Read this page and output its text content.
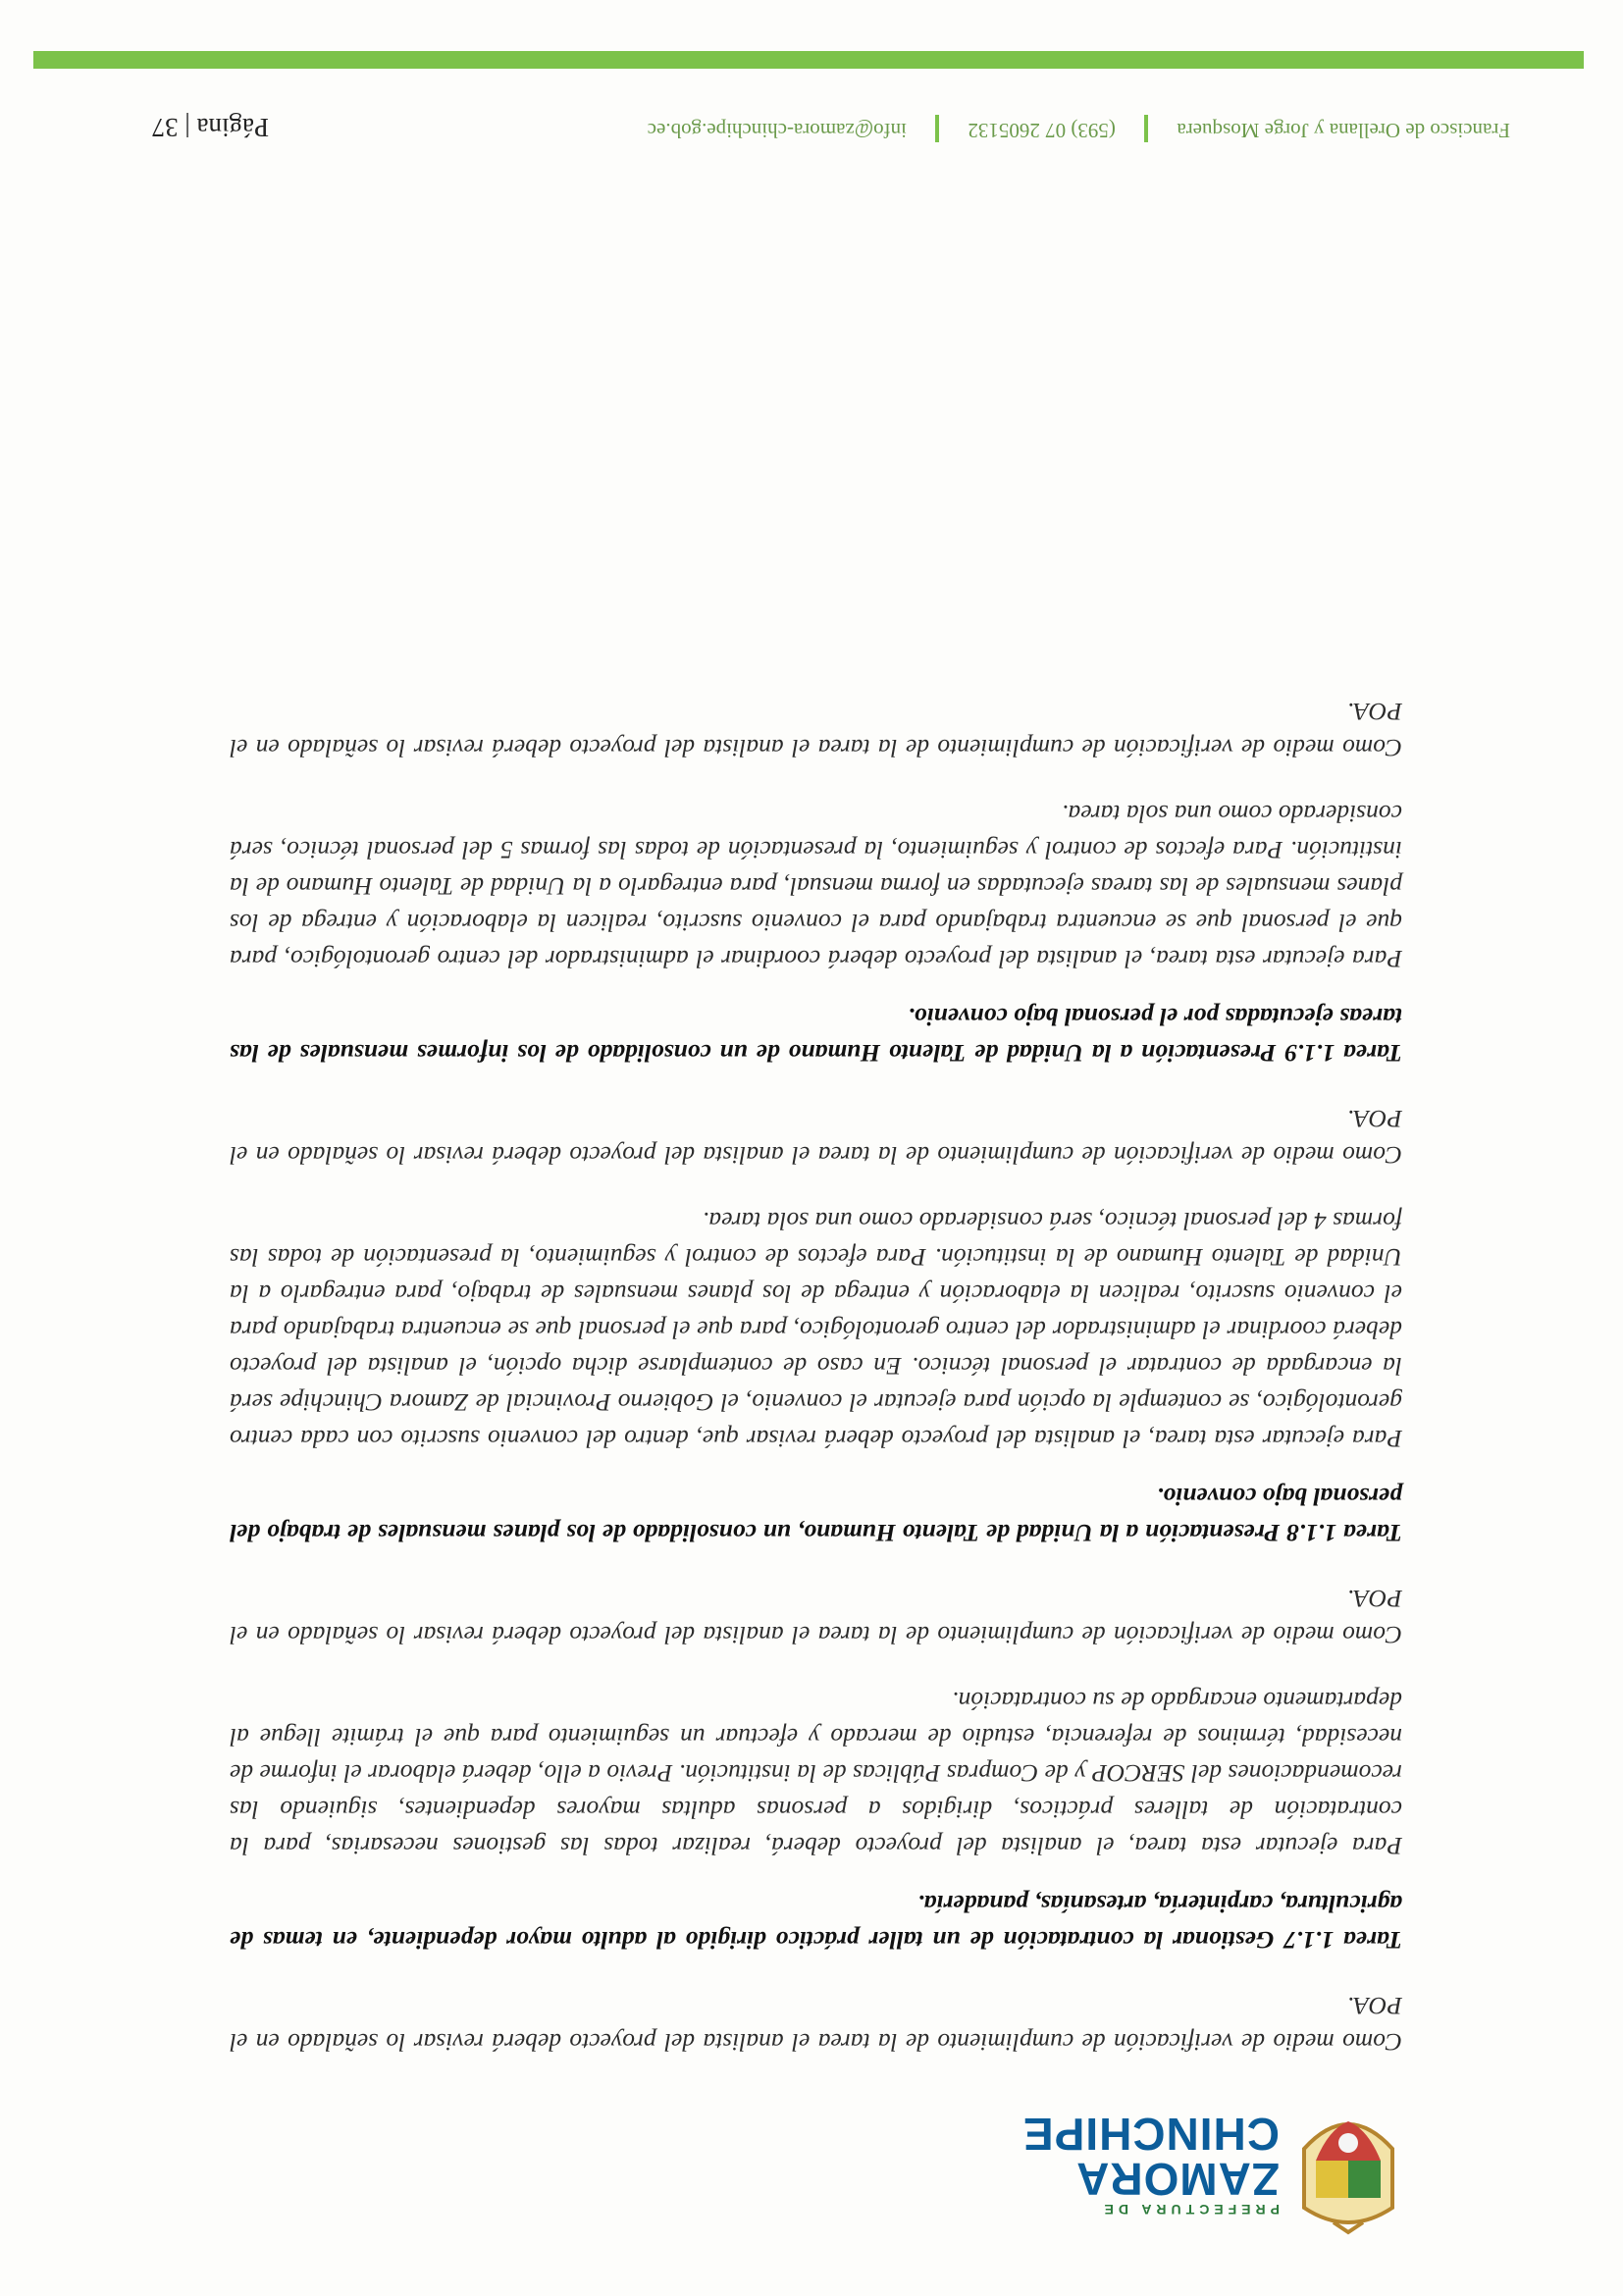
PREFECTURA DE
ZAMORA
CHINCHIPE

Como medio de verificación de cumplimiento de la tarea el analista del proyecto deberá revisar lo señalado en el POA.

Tarea 1.1.7 Gestionar la contratación de un taller práctico dirigido al adulto mayor dependiente, en temas de agricultura, carpintería, artesanías, panadería.

Para ejecutar esta tarea, el analista del proyecto deberá, realizar todas las gestiones necesarias, para la contratación de talleres prácticos, dirigidos a personas adultas mayores dependientes, siguiendo las recomendaciones del SERCOP y de Compras Públicas de la institución. Previo a ello, deberá elaborar el informe de necesidad, términos de referencia, estudio de mercado y efectuar un seguimiento para que el trámite llegue al departamento encargado de su contratación.

Como medio de verificación de cumplimiento de la tarea el analista del proyecto deberá revisar lo señalado en el POA.

Tarea 1.1.8 Presentación a la Unidad de Talento Humano, un consolidado de los planes mensuales de trabajo del personal bajo convenio.

Para ejecutar esta tarea, el analista del proyecto deberá revisar que, dentro del convenio suscrito con cada centro gerontológico, se contemple la opción para ejecutar el convenio, el Gobierno Provincial de Zamora Chinchipe será la encargada de contratar el personal técnico. En caso de contemplarse dicha opción, el analista del proyecto deberá coordinar el administrador del centro gerontológico, para que el personal que se encuentra trabajando para el convenio suscrito, realicen la elaboración y entrega de los planes mensuales de trabajo, para entregarlo a la Unidad de Talento Humano de la institución. Para efectos de control y seguimiento, la presentación de todas las formas 4 del personal técnico, será considerado como una sola tarea.

Como medio de verificación de cumplimiento de la tarea el analista del proyecto deberá revisar lo señalado en el POA.

Tarea 1.1.9 Presentación a la Unidad de Talento Humano de un consolidado de los informes mensuales de las tareas ejecutadas por el personal bajo convenio.

Para ejecutar esta tarea, el analista del proyecto deberá coordinar el administrador del centro gerontológico, para que el personal que se encuentra trabajando para el convenio suscrito, realicen la elaboración y entrega de los planes mensuales de las tareas ejecutadas en forma mensual, para entregarlo a la Unidad de Talento Humano de la institución. Para efectos de control y seguimiento, la presentación de todas las formas 5 del personal técnico, será considerado como una sola tarea.

Como medio de verificación de cumplimiento de la tarea el analista del proyecto deberá revisar lo señalado en el POA.

Francisco de Orellana y Jorge Mosquera  (593) 07 2605132  info@zamora-chinchipe.gob.ec
Página | 37
